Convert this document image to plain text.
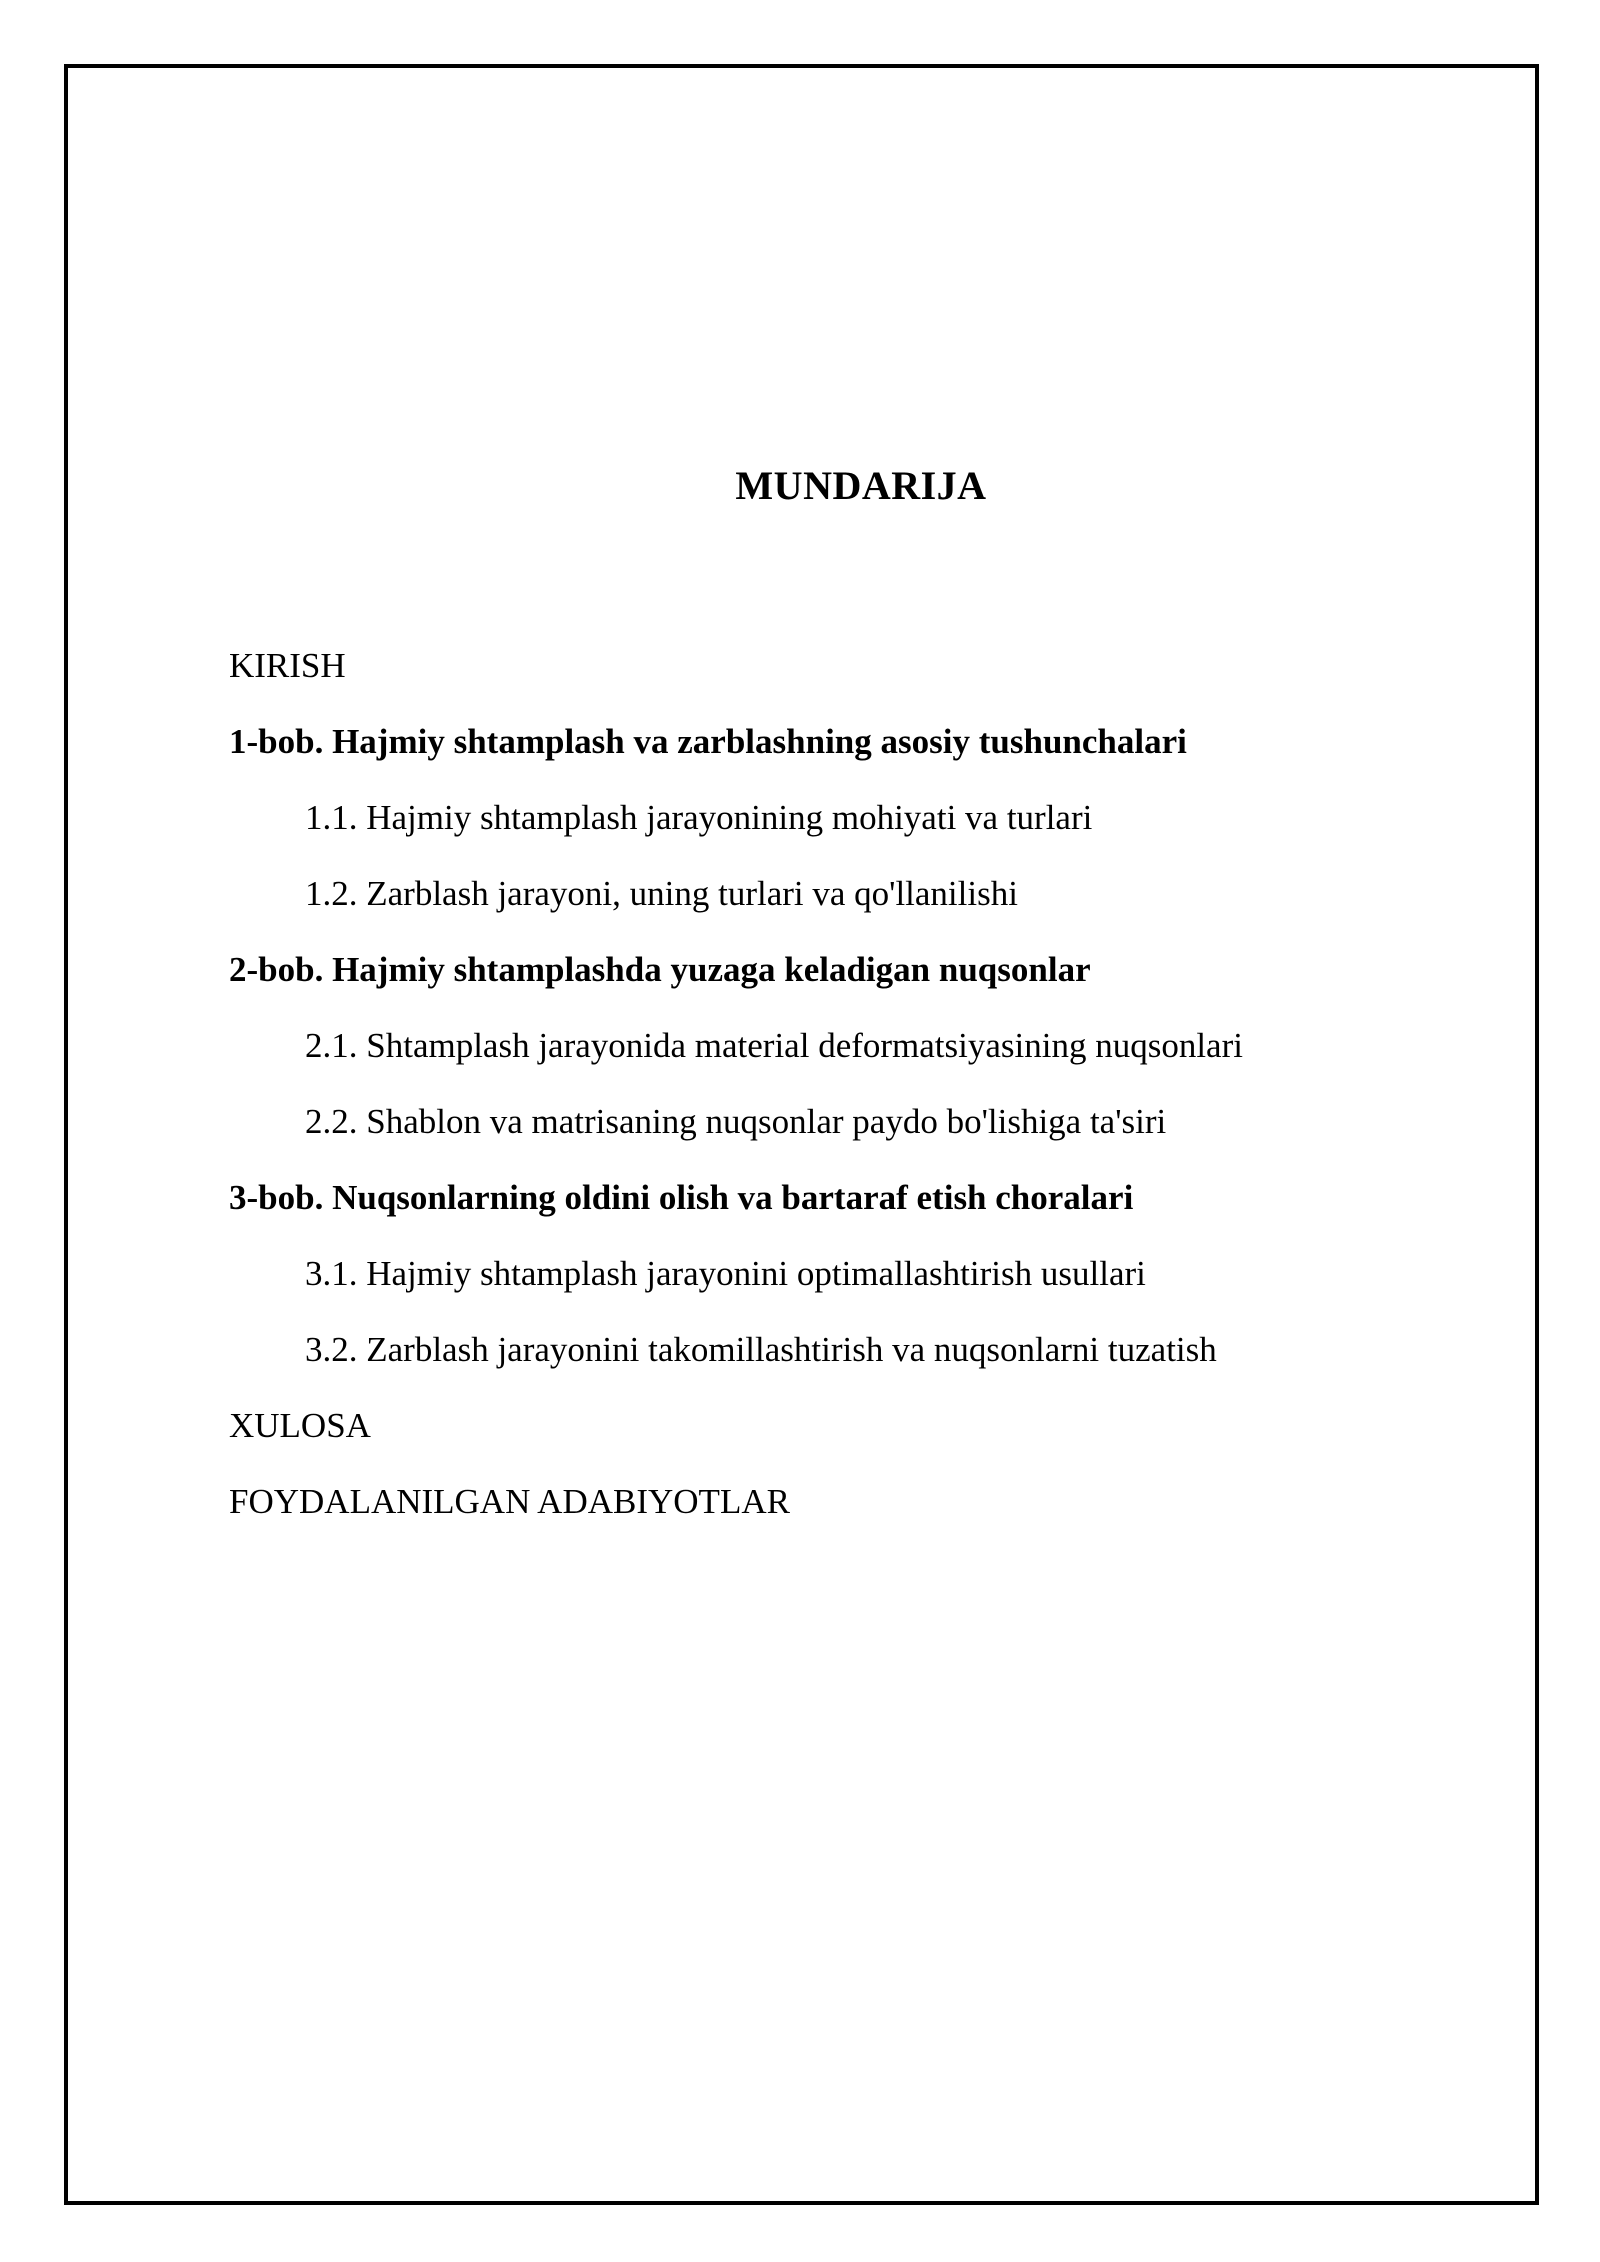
MUNDARIJA
KIRISH
1-bob. Hajmiy shtamplash va zarblashning asosiy tushunchalari
1.1. Hajmiy shtamplash jarayonining mohiyati va turlari
1.2. Zarblash jarayoni, uning turlari va qo'llanilishi
2-bob. Hajmiy shtamplashda yuzaga keladigan nuqsonlar
2.1. Shtamplash jarayonida material deformatsiyasining nuqsonlari
2.2. Shablon va matrisaning nuqsonlar paydo bo'lishiga ta'siri
3-bob. Nuqsonlarning oldini olish va bartaraf etish choralari
3.1. Hajmiy shtamplash jarayonini optimallashtirish usullari
3.2. Zarblash jarayonini takomillashtirish va nuqsonlarni tuzatish
XULOSA
FOYDALANILGAN ADABIYOTLAR
